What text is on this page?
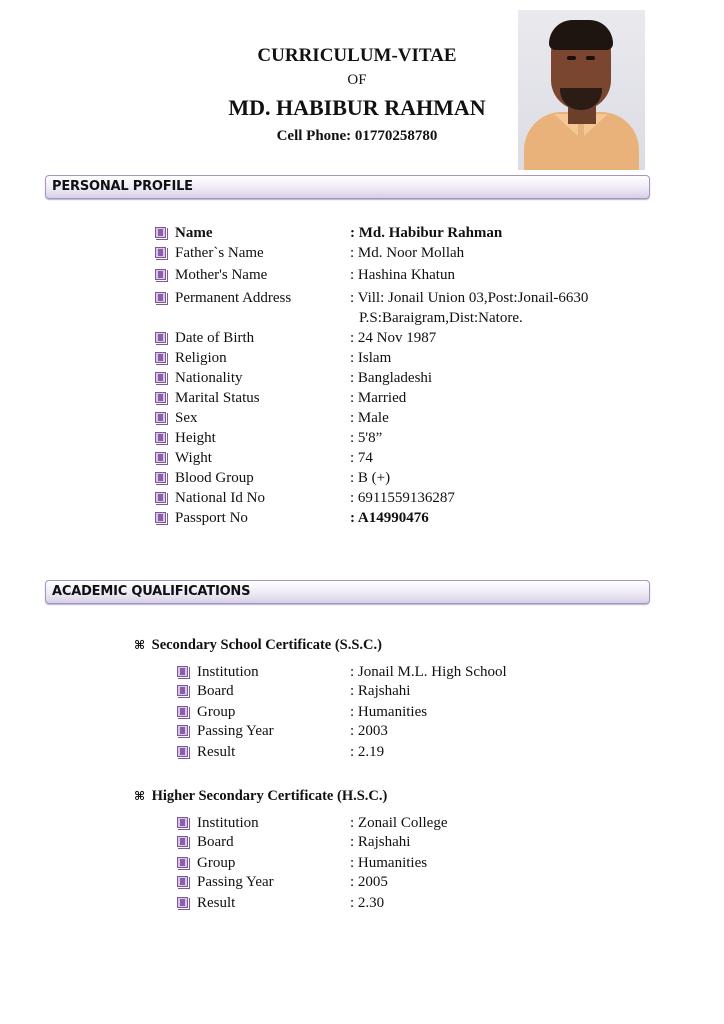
CURRICULUM-VITAE
OF
MD. HABIBUR RAHMAN
Cell Phone: 01770258780
PERSONAL PROFILE
Name	: Md. Habibur Rahman
Father`s Name	: Md. Noor Mollah
Mother's Name	: Hashina Khatun
Permanent Address	: Vill: Jonail Union 03,Post:Jonail-6630
P.S:Baraigram,Dist:Natore.
Date of Birth	: 24 Nov 1987
Religion	: Islam
Nationality	: Bangladeshi
Marital Status	: Married
Sex	: Male
Height	: 5'8”
Wight	: 74
Blood Group	: B (+)
National Id No	: 6911559136287
Passport No	: A14990476
ACADEMIC QUALIFICATIONS
⌘ Secondary School Certificate (S.S.C.)
Institution	: Jonail M.L. High School
Board	: Rajshahi
Group	: Humanities
Passing Year	: 2003
Result	: 2.19
⌘ Higher Secondary Certificate (H.S.C.)
Institution	: Zonail College
Board	: Rajshahi
Group	: Humanities
Passing Year	: 2005
Result	: 2.30
